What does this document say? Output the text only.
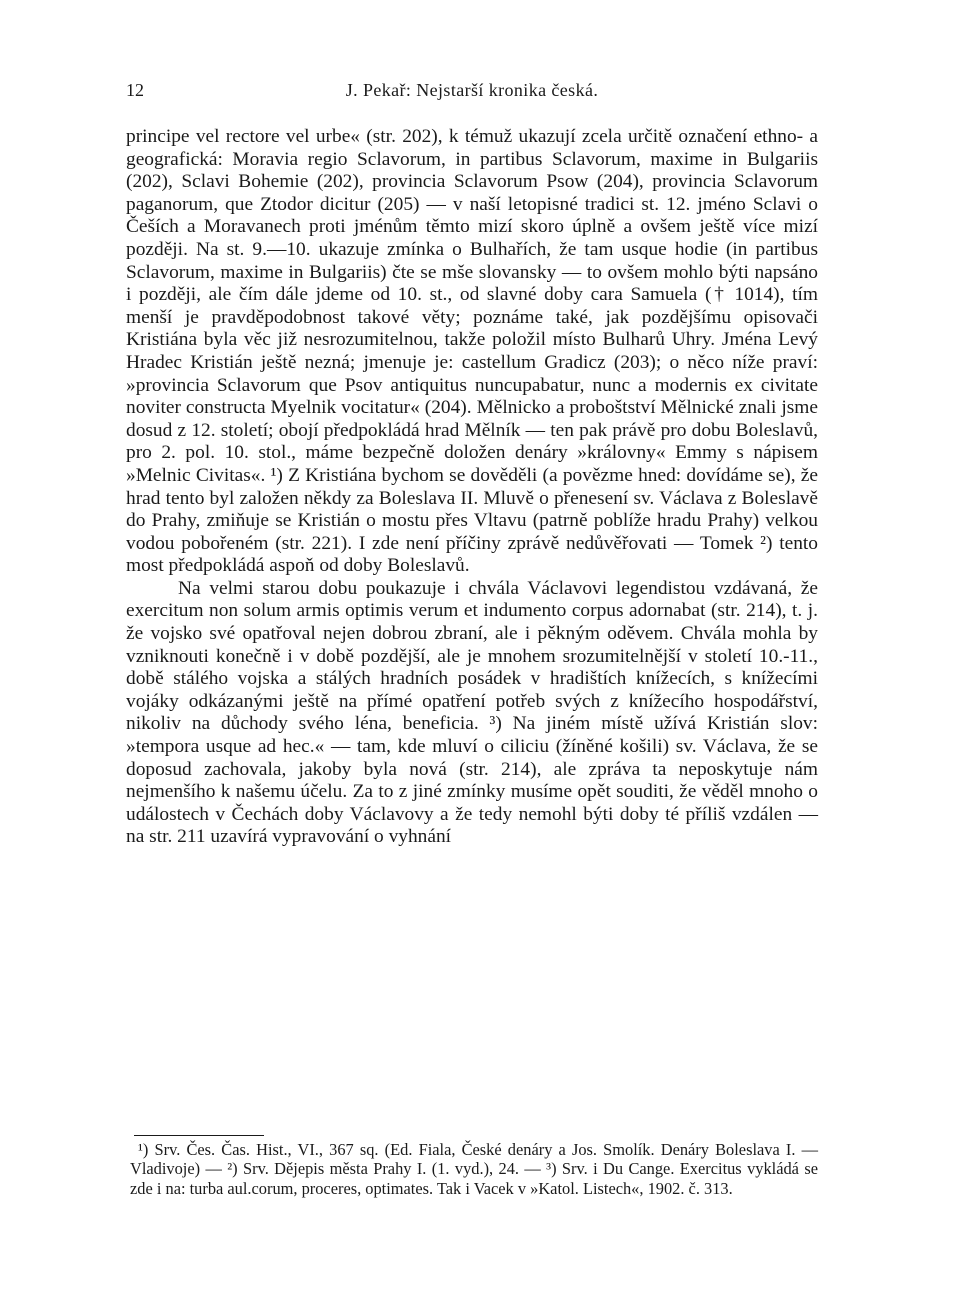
12	J. Pekař: Nejstarší kronika česká.

principe vel rectore vel urbe« (str. 202), k témuž ukazují zcela určitě označení ethno- a geografická: Moravia regio Sclavorum, in partibus Sclavorum, maxime in Bulgariis (202), Sclavi Bohemie (202), provincia Sclavorum Psow (204), provincia Sclavorum paganorum, que Ztodor dicitur (205) — v naší letopisné tradici st. 12. jméno Sclavi o Češích a Moravanech proti jménům těmto mizí skoro úplně a ovšem ještě více mizí později. Na st. 9.—10. ukazuje zmínka o Bulhařích, že tam usque hodie (in partibus Sclavorum, maxime in Bulgariis) čte se mše slovansky — to ovšem mohlo býti napsáno i později, ale čím dále jdeme od 10. st., od slavné doby cara Samuela († 1014), tím menší je pravděpodobnost takové věty; poznáme také, jak pozdějšímu opisovači Kristiána byla věc již nesrozumitelnou, takže položil místo Bulharů Uhry. Jména Levý Hradec Kristián ještě nezná; jmenuje je: castellum Gradicz (203); o něco níže praví: »provincia Sclavorum que Psov antiquitus nuncupabatur, nunc a modernis ex civitate noviter constructa Myelnik vocitatur« (204). Mělnicko a proboštství Mělnické znali jsme dosud z 12. století; obojí předpokládá hrad Mělník — ten pak právě pro dobu Boleslavů, pro 2. pol. 10. stol., máme bezpečně doložen denáry »královny« Emmy s nápisem »Melnic Civitas«. ¹) Z Kristiána bychom se dověděli (a povězme hned: dovídáme se), že hrad tento byl založen někdy za Boleslava II. Mluvě o přenesení sv. Václava z Boleslavě do Prahy, zmiňuje se Kristián o mostu přes Vltavu (patrně poblíže hradu Prahy) velkou vodou pobořeném (str. 221). I zde není příčiny zprávě nedůvěřovati — Tomek ²) tento most předpokládá aspoň od doby Boleslavů.

Na velmi starou dobu poukazuje i chvála Václavovi legendistou vzdávaná, že exercitum non solum armis optimis verum et indumento corpus adornabat (str. 214), t. j. že vojsko své opatřoval nejen dobrou zbraní, ale i pěkným oděvem. Chvála mohla by vzniknouti konečně i v době pozdější, ale je mnohem srozumitelnější v století 10.-11., době stálého vojska a stálých hradních posádek v hradištích knížecích, s knížecími vojáky odkázanými ještě na přímé opatření potřeb svých z knížecího hospodářství, nikoliv na důchody svého léna, beneficia. ³) Na jiném místě užívá Kristián slov: »tempora usque ad hec.« — tam, kde mluví o ciliciu (žíněné košili) sv. Václava, že se doposud zachovala, jakoby byla nová (str. 214), ale zpráva ta neposkytuje nám nejmenšího k našemu účelu. Za to z jiné zmínky musíme opět souditi, že věděl mnoho o událostech v Čechách doby Václavovy a že tedy nemohl býti doby té příliš vzdálen — na str. 211 uzavírá vypravování o vyhnání

¹) Srv. Čes. Čas. Hist., VI., 367 sq. (Ed. Fiala, České denáry a Jos. Smolík. Denáry Boleslava I. — Vladivoje) — ²) Srv. Dějepis města Prahy I. (1. vyd.), 24. — ³) Srv. i Du Cange. Exercitus vykládá se zde i na: turba aul.corum, proceres, optimates. Tak i Vacek v »Katol. Listech«, 1902. č. 313.
